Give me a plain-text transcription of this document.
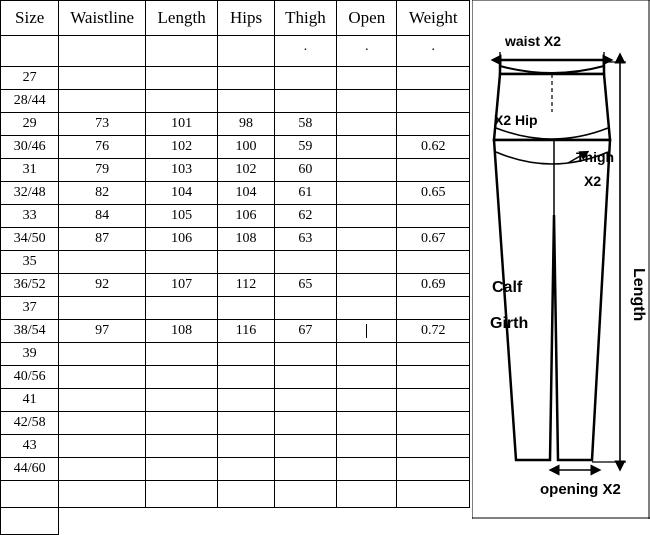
Size	Waistline	Length	Hips	Thigh	Open	Weight
				·	·	·
27						
28/44						
29	73	101	98	58		
30/46	76	102	100	59		0.62
31	79	103	102	60		
32/48	82	104	104	61		0.65
33	84	105	106	62		
34/50	87	106	108	63		0.67
35						
36/52	92	107	112	65		0.69
37						
38/54	97	108	116	67		0.72
39						
40/56						
41						
42/58						
43						
44/60						

waist X2
X2 Hip
Thigh
X2
Calf
Girth
Length
opening X2
